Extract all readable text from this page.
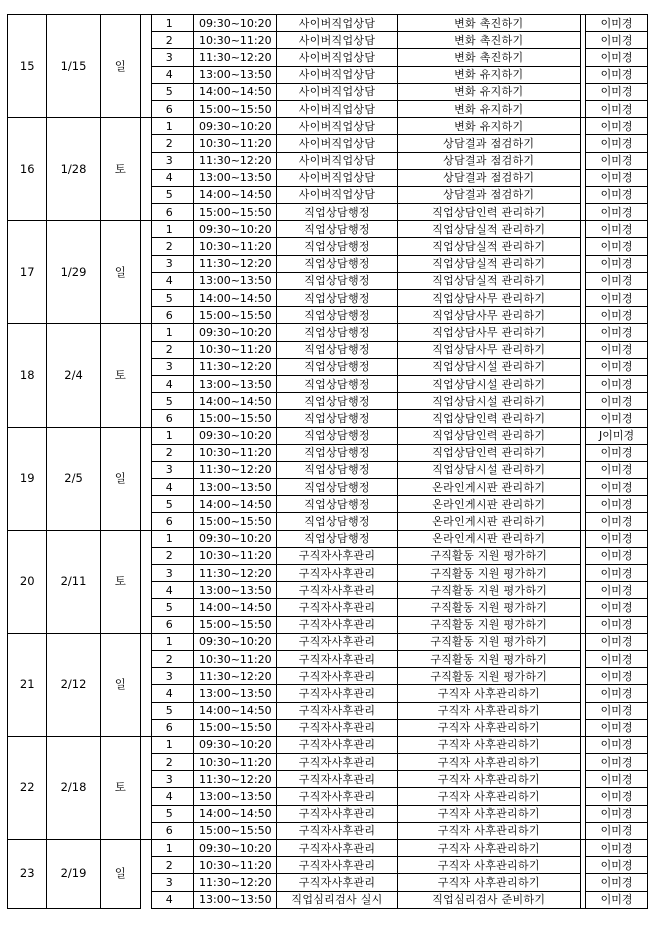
15	1/15	일		1	09:30~10:20	사이버직업상담	변화 촉진하기		이미경
				2	10:30~11:20	사이버직업상담	변화 촉진하기		이미경
				3	11:30~12:20	사이버직업상담	변화 촉진하기		이미경
				4	13:00~13:50	사이버직업상담	변화 유지하기		이미경
				5	14:00~14:50	사이버직업상담	변화 유지하기		이미경
				6	15:00~15:50	사이버직업상담	변화 유지하기		이미경
16	1/28	토		1	09:30~10:20	사이버직업상담	변화 유지하기		이미경
				2	10:30~11:20	사이버직업상담	상담결과 점검하기		이미경
				3	11:30~12:20	사이버직업상담	상담결과 점검하기		이미경
				4	13:00~13:50	사이버직업상담	상담결과 점검하기		이미경
				5	14:00~14:50	사이버직업상담	상담결과 점검하기		이미경
				6	15:00~15:50	직업상담행정	직업상담인력 관리하기		이미경
17	1/29	일		1	09:30~10:20	직업상담행정	직업상담실적 관리하기		이미경
				2	10:30~11:20	직업상담행정	직업상담실적 관리하기		이미경
				3	11:30~12:20	직업상담행정	직업상담실적 관리하기		이미경
				4	13:00~13:50	직업상담행정	직업상담실적 관리하기		이미경
				5	14:00~14:50	직업상담행정	직업상담사무 관리하기		이미경
				6	15:00~15:50	직업상담행정	직업상담사무 관리하기		이미경
18	2/4	토		1	09:30~10:20	직업상담행정	직업상담사무 관리하기		이미경
				2	10:30~11:20	직업상담행정	직업상담사무 관리하기		이미경
				3	11:30~12:20	직업상담행정	직업상담시설 관리하기		이미경
				4	13:00~13:50	직업상담행정	직업상담시설 관리하기		이미경
				5	14:00~14:50	직업상담행정	직업상담시설 관리하기		이미경
				6	15:00~15:50	직업상담행정	직업상담인력 관리하기		이미경
19	2/5	일		1	09:30~10:20	직업상담행정	직업상담인력 관리하기		J이미경
				2	10:30~11:20	직업상담행정	직업상담인력 관리하기		이미경
				3	11:30~12:20	직업상담행정	직업상담시설 관리하기		이미경
				4	13:00~13:50	직업상담행정	온라인게시판 관리하기		이미경
				5	14:00~14:50	직업상담행정	온라인게시판 관리하기		이미경
				6	15:00~15:50	직업상담행정	온라인게시판 관리하기		이미경
20	2/11	토		1	09:30~10:20	직업상담행정	온라인게시판 관리하기		이미경
				2	10:30~11:20	구직자사후관리	구직활동 지원 평가하기		이미경
				3	11:30~12:20	구직자사후관리	구직활동 지원 평가하기		이미경
				4	13:00~13:50	구직자사후관리	구직활동 지원 평가하기		이미경
				5	14:00~14:50	구직자사후관리	구직활동 지원 평가하기		이미경
				6	15:00~15:50	구직자사후관리	구직활동 지원 평가하기		이미경
21	2/12	일		1	09:30~10:20	구직자사후관리	구직활동 지원 평가하기		이미경
				2	10:30~11:20	구직자사후관리	구직활동 지원 평가하기		이미경
				3	11:30~12:20	구직자사후관리	구직활동 지원 평가하기		이미경
				4	13:00~13:50	구직자사후관리	구직자 사후관리하기		이미경
				5	14:00~14:50	구직자사후관리	구직자 사후관리하기		이미경
				6	15:00~15:50	구직자사후관리	구직자 사후관리하기		이미경
22	2/18	토		1	09:30~10:20	구직자사후관리	구직자 사후관리하기		이미경
				2	10:30~11:20	구직자사후관리	구직자 사후관리하기		이미경
				3	11:30~12:20	구직자사후관리	구직자 사후관리하기		이미경
				4	13:00~13:50	구직자사후관리	구직자 사후관리하기		이미경
				5	14:00~14:50	구직자사후관리	구직자 사후관리하기		이미경
				6	15:00~15:50	구직자사후관리	구직자 사후관리하기		이미경
23	2/19	일		1	09:30~10:20	구직자사후관리	구직자 사후관리하기		이미경
				2	10:30~11:20	구직자사후관리	구직자 사후관리하기		이미경
				3	11:30~12:20	구직자사후관리	구직자 사후관리하기		이미경
				4	13:00~13:50	직업심리검사 실시	직업심리검사 준비하기		이미경
